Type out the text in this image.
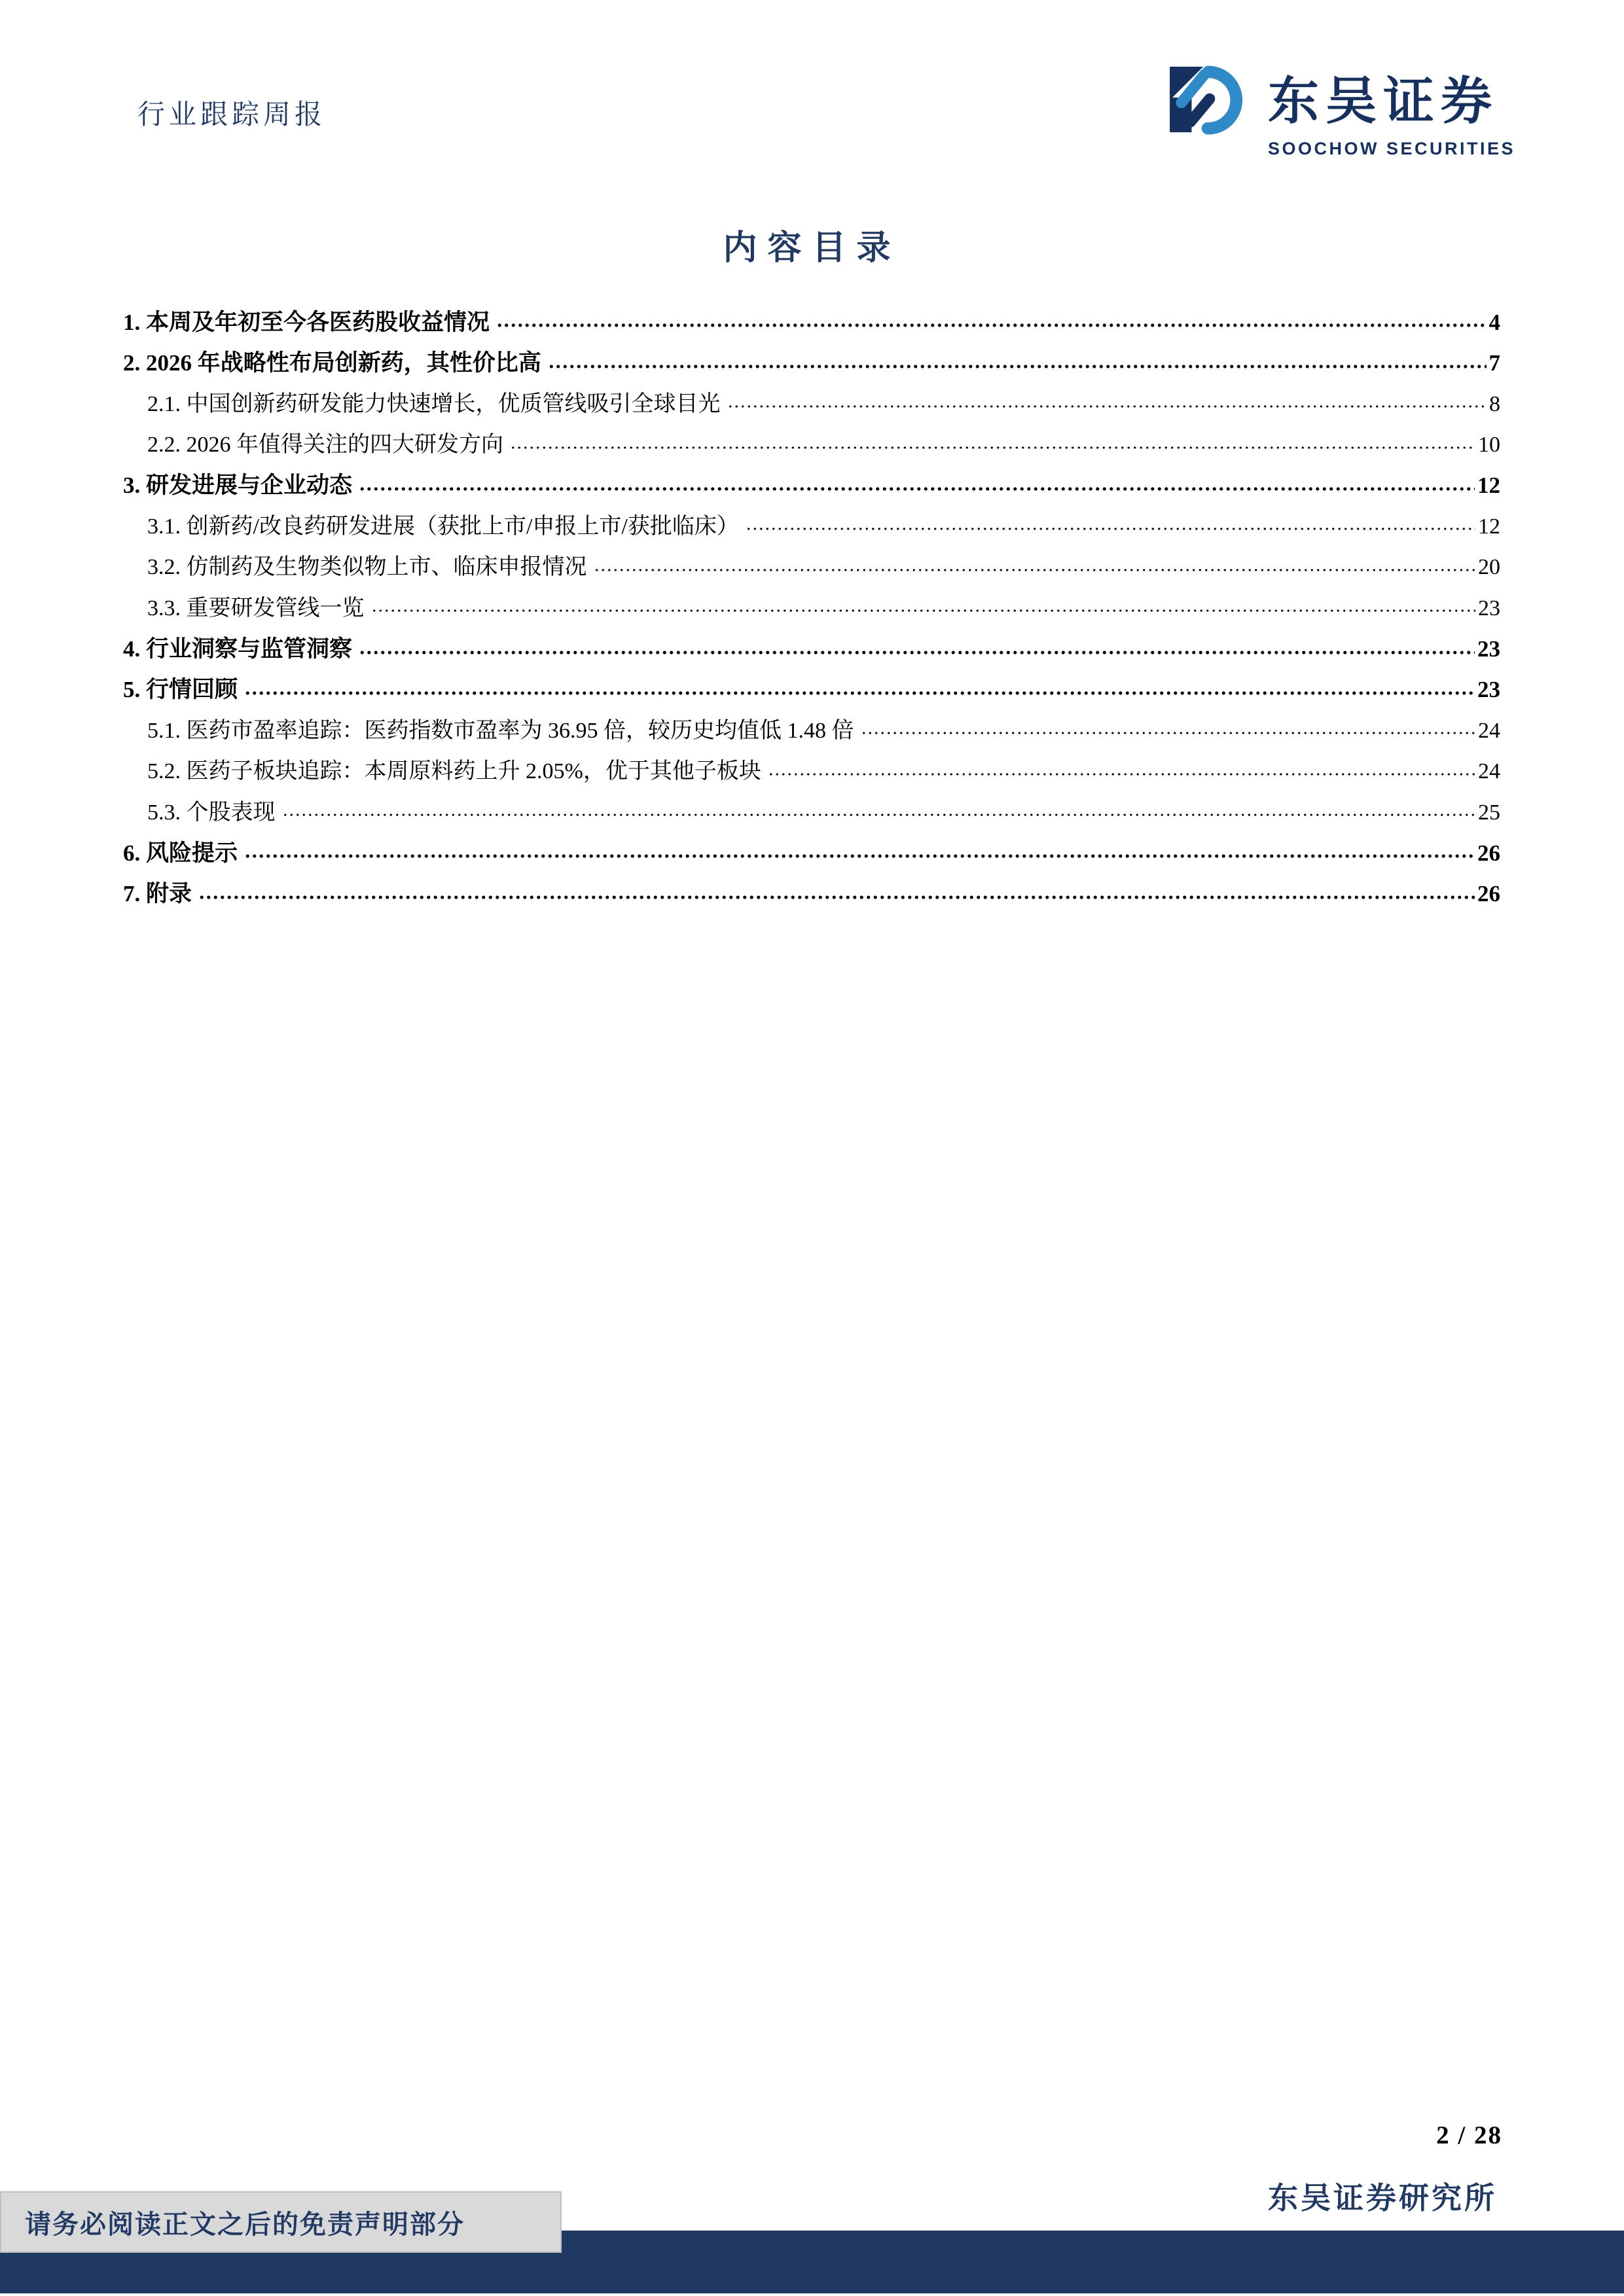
行业跟踪周报	东吴证券
SOOCHOW SECURITIES
内容目录
1. 本周及年初至今各医药股收益情况	4
2. 2026 年战略性布局创新药，其性价比高	7
2.1. 中国创新药研发能力快速增长，优质管线吸引全球目光	8
2.2. 2026 年值得关注的四大研发方向	10
3. 研发进展与企业动态	12
3.1. 创新药/改良药研发进展（获批上市/申报上市/获批临床）	12
3.2. 仿制药及生物类似物上市、临床申报情况	20
3.3. 重要研发管线一览	23
4. 行业洞察与监管洞察	23
5. 行情回顾	23
5.1. 医药市盈率追踪：医药指数市盈率为 36.95 倍，较历史均值低 1.48 倍	24
5.2. 医药子板块追踪：本周原料药上升 2.05%，优于其他子板块	24
5.3. 个股表现	25
6. 风险提示	26
7. 附录	26
2 / 28
东吴证券研究所
请务必阅读正文之后的免责声明部分
